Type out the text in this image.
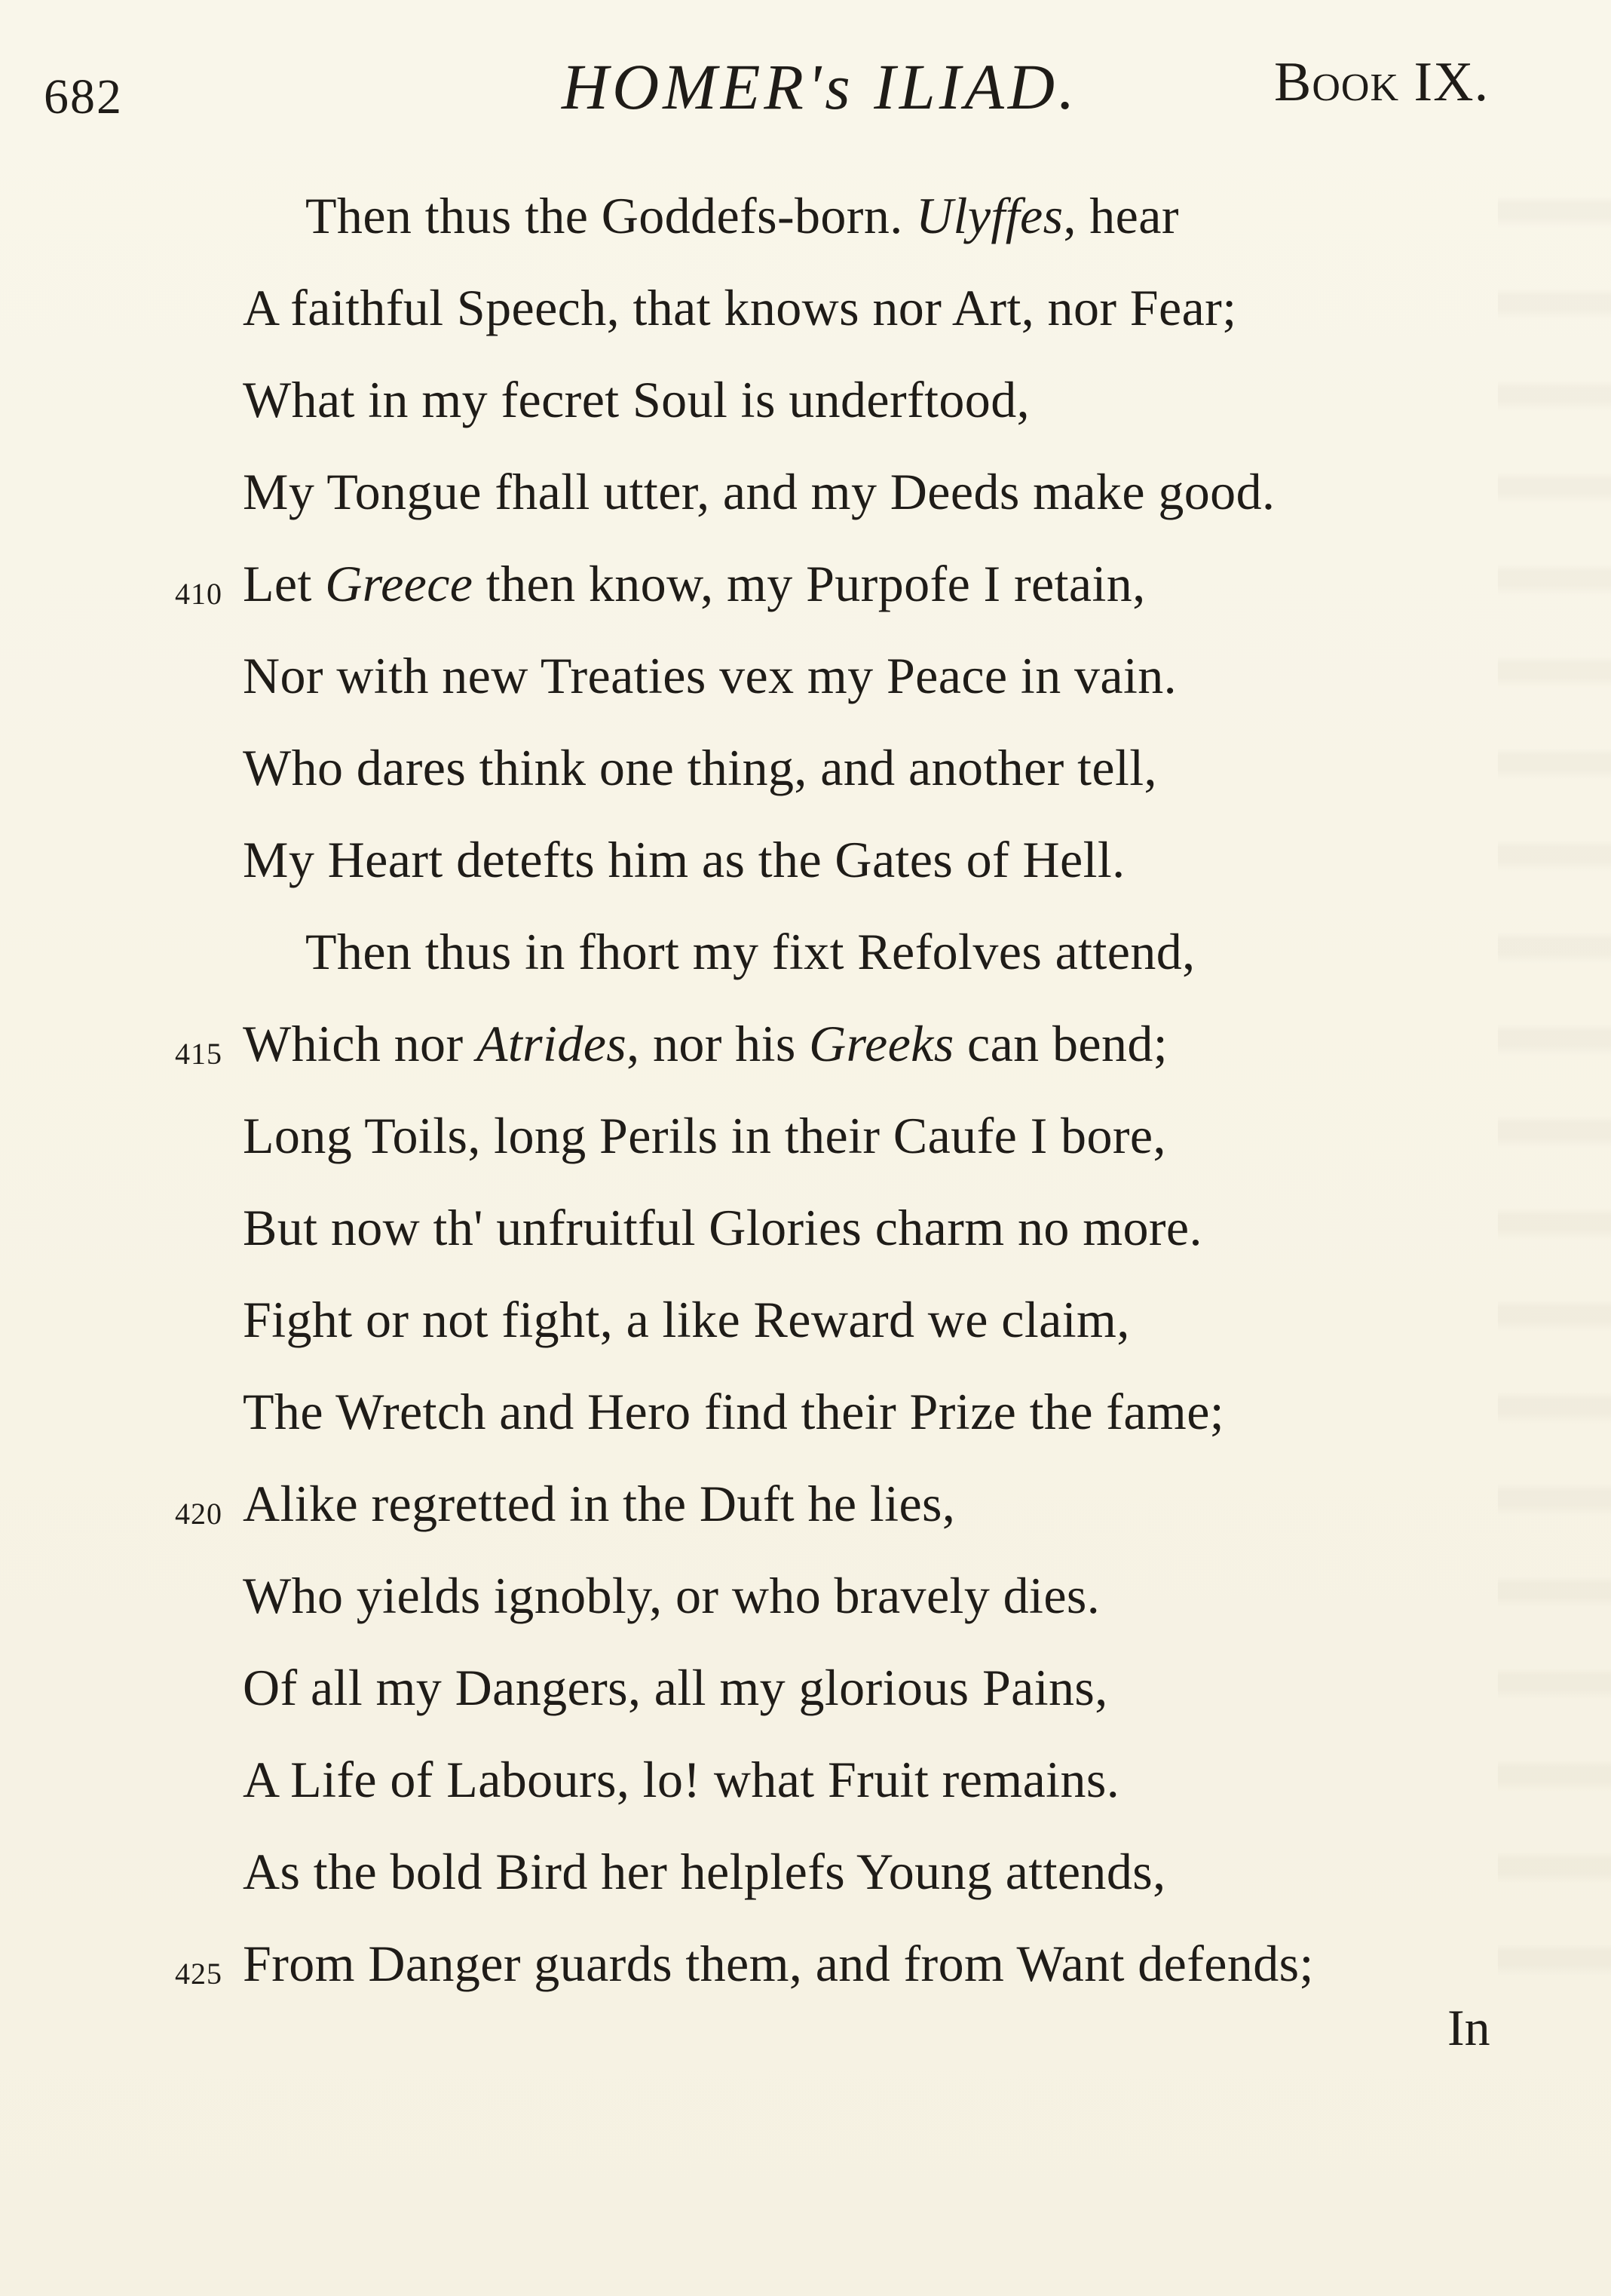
682	HOMER's ILIAD.	Book IX.
Then thus the Goddefs-born. Ulyffes, hear
A faithful Speech, that knows nor Art, nor Fear;
What in my fecret Soul is underftood,
My Tongue fhall utter, and my Deeds make good.
410 Let Greece then know, my Purpofe I retain,
Nor with new Treaties vex my Peace in vain.
Who dares think one thing, and another tell,
My Heart detefts him as the Gates of Hell.
Then thus in fhort my fixt Refolves attend,
415 Which nor Atrides, nor his Greeks can bend;
Long Toils, long Perils in their Caufe I bore,
But now th' unfruitful Glories charm no more.
Fight or not fight, a like Reward we claim,
The Wretch and Hero find their Prize the fame;
420 Alike regretted in the Duft he lies,
Who yields ignobly, or who bravely dies.
Of all my Dangers, all my glorious Pains,
A Life of Labours, lo! what Fruit remains.
As the bold Bird her helplefs Young attends,
425 From Danger guards them, and from Want defends;
In
